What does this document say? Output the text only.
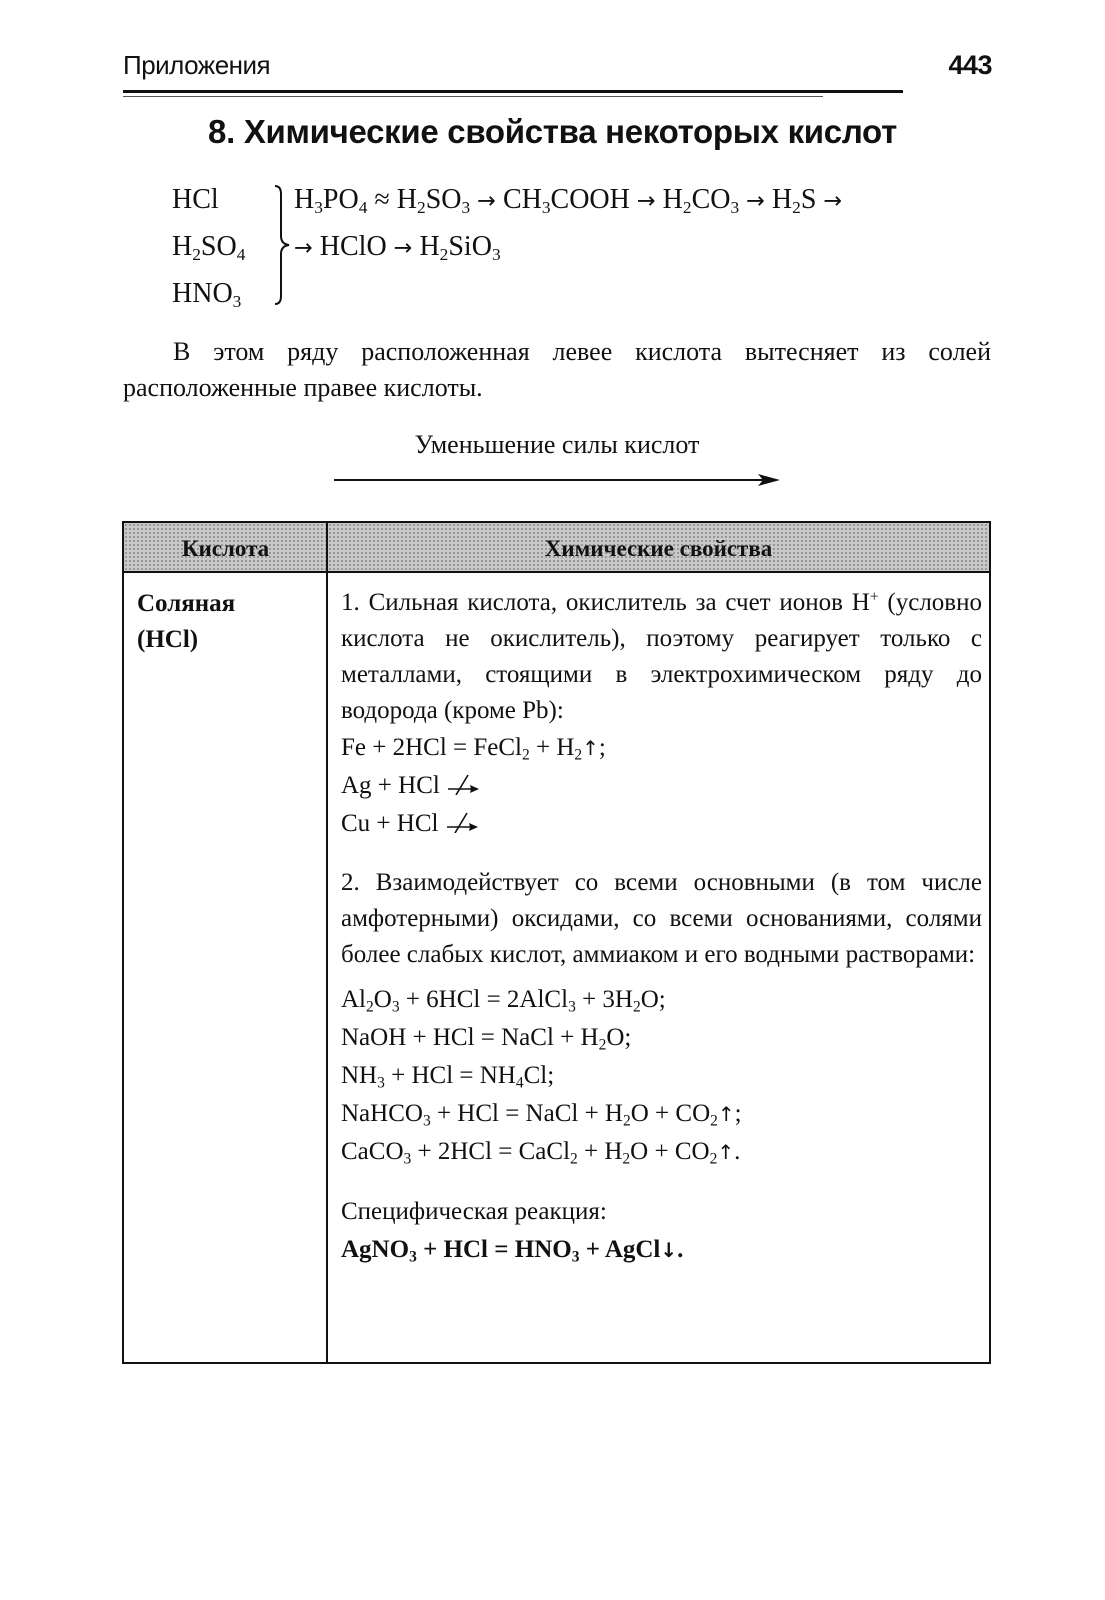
Приложения	443
8. Химические свойства некоторых кислот
HCl
$H_2SO_4$
$HNO_3$
$H_3PO_4 \approx H_2SO_3$ → $CH_3COOH \to H_2CO_3 \to H_2S$ →
→ HClO → $H_2SiO_3$
В этом ряду расположенная левее кислота вытесняет из солей расположенные правее кислоты.
Уменьшение силы кислот
Кислота	Химические свойства
Соляная
(HCl)

1. Сильная кислота, окислитель за счет ионов H+ (условно кислота не окислитель), поэтому реагирует только с металлами, стоящими в электрохимическом ряду до водорода (кроме Pb):

Fe + 2HCl = FeCl$_2$ + $H_2↑$;

Ag + HCl

Cu + HCl

2. Взаимодействует со всеми основными (в том числе амфотерными) оксидами, со всеми основаниями, солями более слабых кислот, аммиаком и его водными растворами:

$Al_2O_3 + 6HCl$ = 2AlCl$_3$ + $3H_2O$;

NaOH + HCl = NaCl + $H_2O$;

$NH_3$ + HCl = $NH_4Cl$;

NaHCO$_3$ + HCl = NaCl + $H_2O$ + $CO_2↑$;

CaCO$_3$ + 2HCl = CaCl$_2$ + $H_2O$ + $CO_2↑$.

Специфическая реакция:

AgNO$_3$ + HCl = $HNO_3$ + AgCl↓.
